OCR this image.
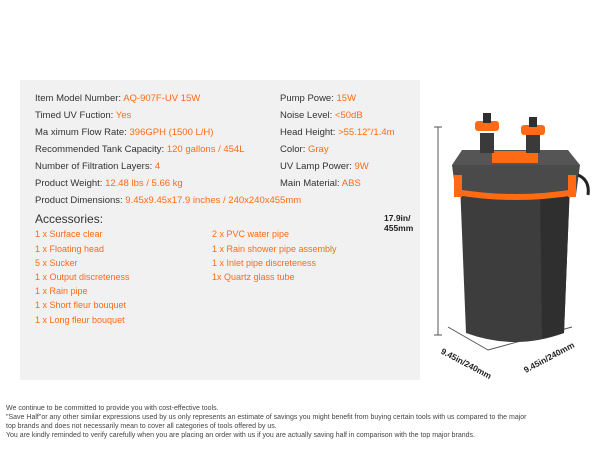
Item Model Number: AQ-907F-UV 15W
Timed UV Fuction: Yes
Ma ximum Flow Rate: 396GPH (1500 L/H)
Recommended Tank Capacity: 120 gallons / 454L
Number of Filtration Layers: 4
Product Weight: 12.48 lbs / 5.66 kg
Product Dimensions: 9.45x9.45x17.9 inches / 240x240x455mm
Pump Powe: 15W
Noise Level: <50dB
Head Height: >55.12"/1.4m
Color: Gray
UV Lamp Power: 9W
Main Material: ABS
Accessories:
1 x Surface clear
1 x Floating head
5 x Sucker
1 x Output discreteness
1 x Rain pipe
1 x Short fleur bouquet
1 x Long fleur bouquet
2 x PVC water pipe
1 x Rain shower pipe assembly
1 x Inlet pipe discreteness
1x Quartz glass tube
17.9in/
455mm
9.45in/240mm	9.45in/240mm
We continue to be committed to provide you with cost-effective tools.
"Save Half"or any other similar expressions used by us only represents an estimate of savings you might benefit from buying certain tools with us compared to the major
top brands and does not necessarily mean to cover all categories of tools offered by us.
You are kindly reminded to verify carefully when you are placing an order with us if you are actually saving half in comparison with the top major brands.
